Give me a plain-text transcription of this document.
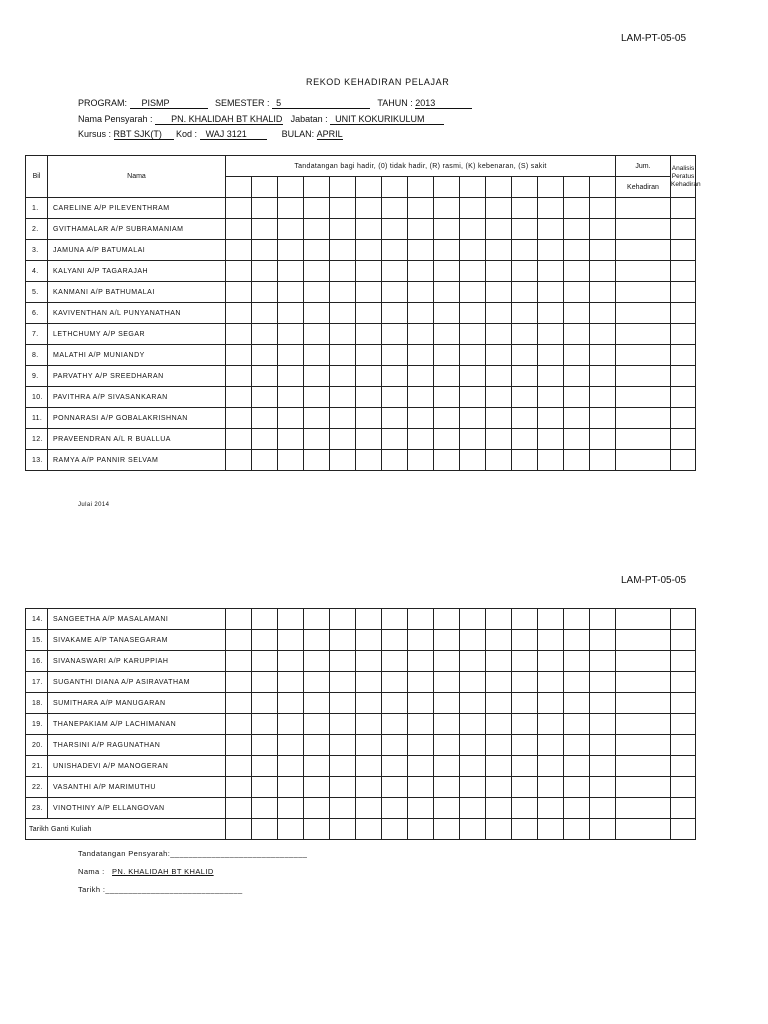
LAM-PT-05-05
REKOD KEHADIRAN PELAJAR
PROGRAM: PISMP	SEMESTER : 5	TAHUN : 2013
Nama Pensyarah : PN. KHALIDAH BT KHALID Jabatan : UNIT KOKURIKULUM
Kursus : RBT SJK(T) Kod : WAJ 3121	BULAN: APRIL
Bil	Nama	Tandatangan bagi hadir, (0) tidak hadir, (R) rasmi, (K) kebenaran, (S) sakit															Jum.	Analisis Peratus Kehadiran
																	Kehadiran	
1.	CARELINE A/P PILEVENTHRAM																	
2.	GVITHAMALAR A/P SUBRAMANIAM																	
3.	JAMUNA A/P BATUMALAI																	
4.	KALYANI A/P TAGARAJAH																	
5.	KANMANI A/P BATHUMALAI																	
6.	KAVIVENTHAN A/L PUNYANATHAN																	
7.	LETHCHUMY A/P SEGAR																	
8.	MALATHI A/P MUNIANDY																	
9.	PARVATHY A/P SREEDHARAN																	
10.	PAVITHRA A/P SIVASANKARAN																	
11.	PONNARASI A/P GOBALAKRISHNAN																	
12.	PRAVEENDRAN A/L R BUALLUA																	
13.	RAMYA A/P PANNIR SELVAM																	
Julai 2014
LAM-PT-05-05
14.	SANGEETHA A/P MASALAMANI																	
15.	SIVAKAME A/P TANASEGARAM																	
16.	SIVANASWARI A/P KARUPPIAH																	
17.	SUGANTHI DIANA A/P ASIRAVATHAM																	
18.	SUMITHARA A/P MANUGARAN																	
19.	THANEPAKIAM A/P LACHIMANAN																	
20.	THARSINI A/P RAGUNATHAN																	
21.	UNISHADEVI A/P MANOGERAN																	
22.	VASANTHI A/P MARIMUTHU																	
23.	VINOTHINY A/P ELLANGOVAN																	
Tarikh Ganti Kuliah																		
Tandatangan Pensyarah:______________________________
Nama : PN. KHALIDAH BT KHALID
Tarikh :______________________________
